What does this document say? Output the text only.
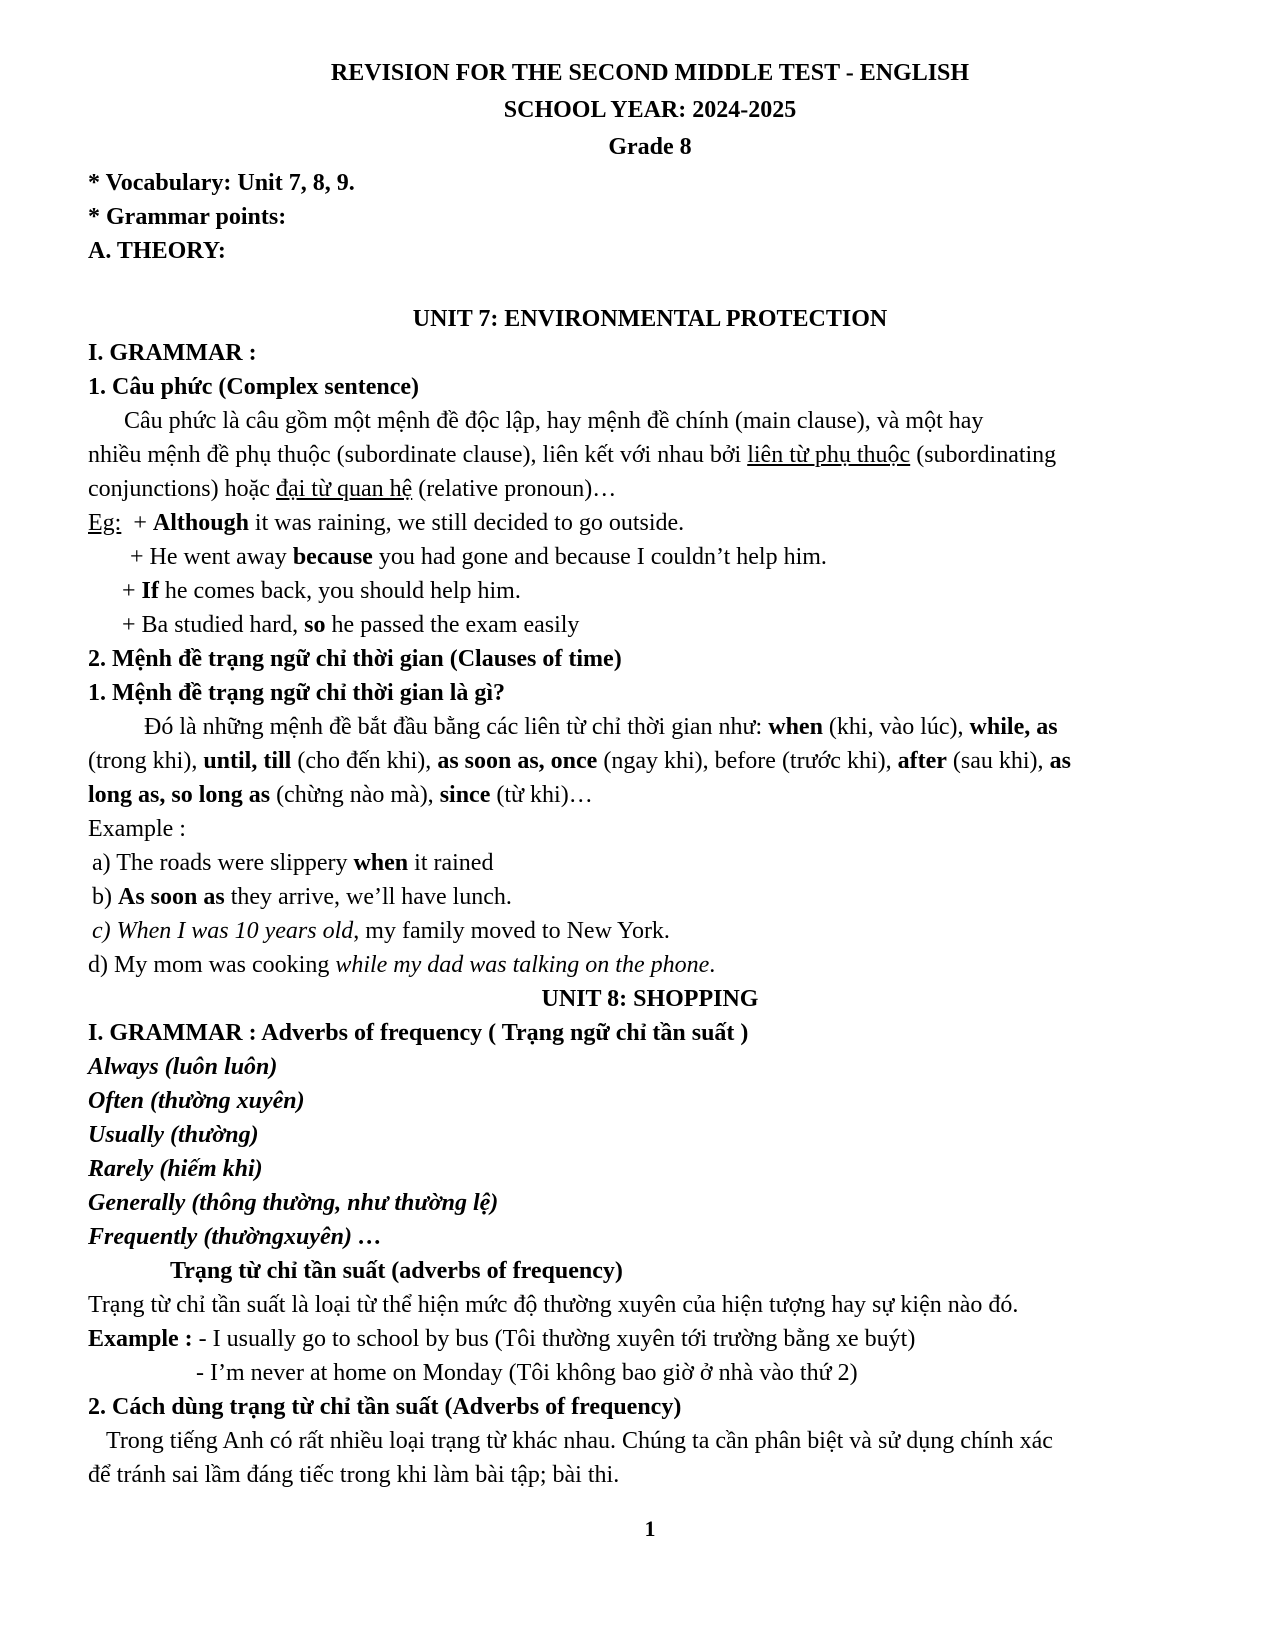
REVISION FOR THE SECOND MIDDLE TEST - ENGLISH

SCHOOL YEAR: 2024-2025

Grade 8

* Vocabulary: Unit 7, 8, 9.

* Grammar points:

A. THEORY:

UNIT 7: ENVIRONMENTAL PROTECTION

I. GRAMMAR :

1. Câu phức (Complex sentence)

Câu phức là câu gồm một mệnh đề độc lập, hay mệnh đề chính (main clause), và một hay

nhiều mệnh đề phụ thuộc (subordinate clause), liên kết với nhau bởi liên từ phụ thuộc (subordinating

conjunctions) hoặc đại từ quan hệ (relative pronoun)…

Eg: + Although it was raining, we still decided to go outside.

+ He went away because you had gone and because I couldn’t help him.

+ If he comes back, you should help him.

+ Ba studied hard, so he passed the exam easily

2. Mệnh đề trạng ngữ chỉ thời gian (Clauses of time)

1. Mệnh đề trạng ngữ chỉ thời gian là gì?

Đó là những mệnh đề bắt đầu bằng các liên từ chỉ thời gian như: when (khi, vào lúc), while, as

(trong khi), until, till (cho đến khi), as soon as, once (ngay khi), before (trước khi), after (sau khi), as

long as, so long as (chừng nào mà), since (từ khi)…

Example :

a) The roads were slippery when it rained

b) As soon as they arrive, we’ll have lunch.

c) When I was 10 years old, my family moved to New York.

d) My mom was cooking while my dad was talking on the phone.

UNIT 8: SHOPPING

I. GRAMMAR : Adverbs of frequency ( Trạng ngữ chỉ tần suất )

Always (luôn luôn)

Often (thường xuyên)

Usually (thường)

Rarely (hiếm khi)

Generally (thông thường, như thường lệ)

Frequently (thườngxuyên) …

Trạng từ chỉ tần suất (adverbs of frequency)

Trạng từ chỉ tần suất là loại từ thể hiện mức độ thường xuyên của hiện tượng hay sự kiện nào đó.

Example : - I usually go to school by bus (Tôi thường xuyên tới trường bằng xe buýt)

- I’m never at home on Monday (Tôi không bao giờ ở nhà vào thứ 2)

2. Cách dùng trạng từ chỉ tần suất (Adverbs of frequency)

Trong tiếng Anh có rất nhiều loại trạng từ khác nhau. Chúng ta cần phân biệt và sử dụng chính xác

để tránh sai lầm đáng tiếc trong khi làm bài tập; bài thi.

1
